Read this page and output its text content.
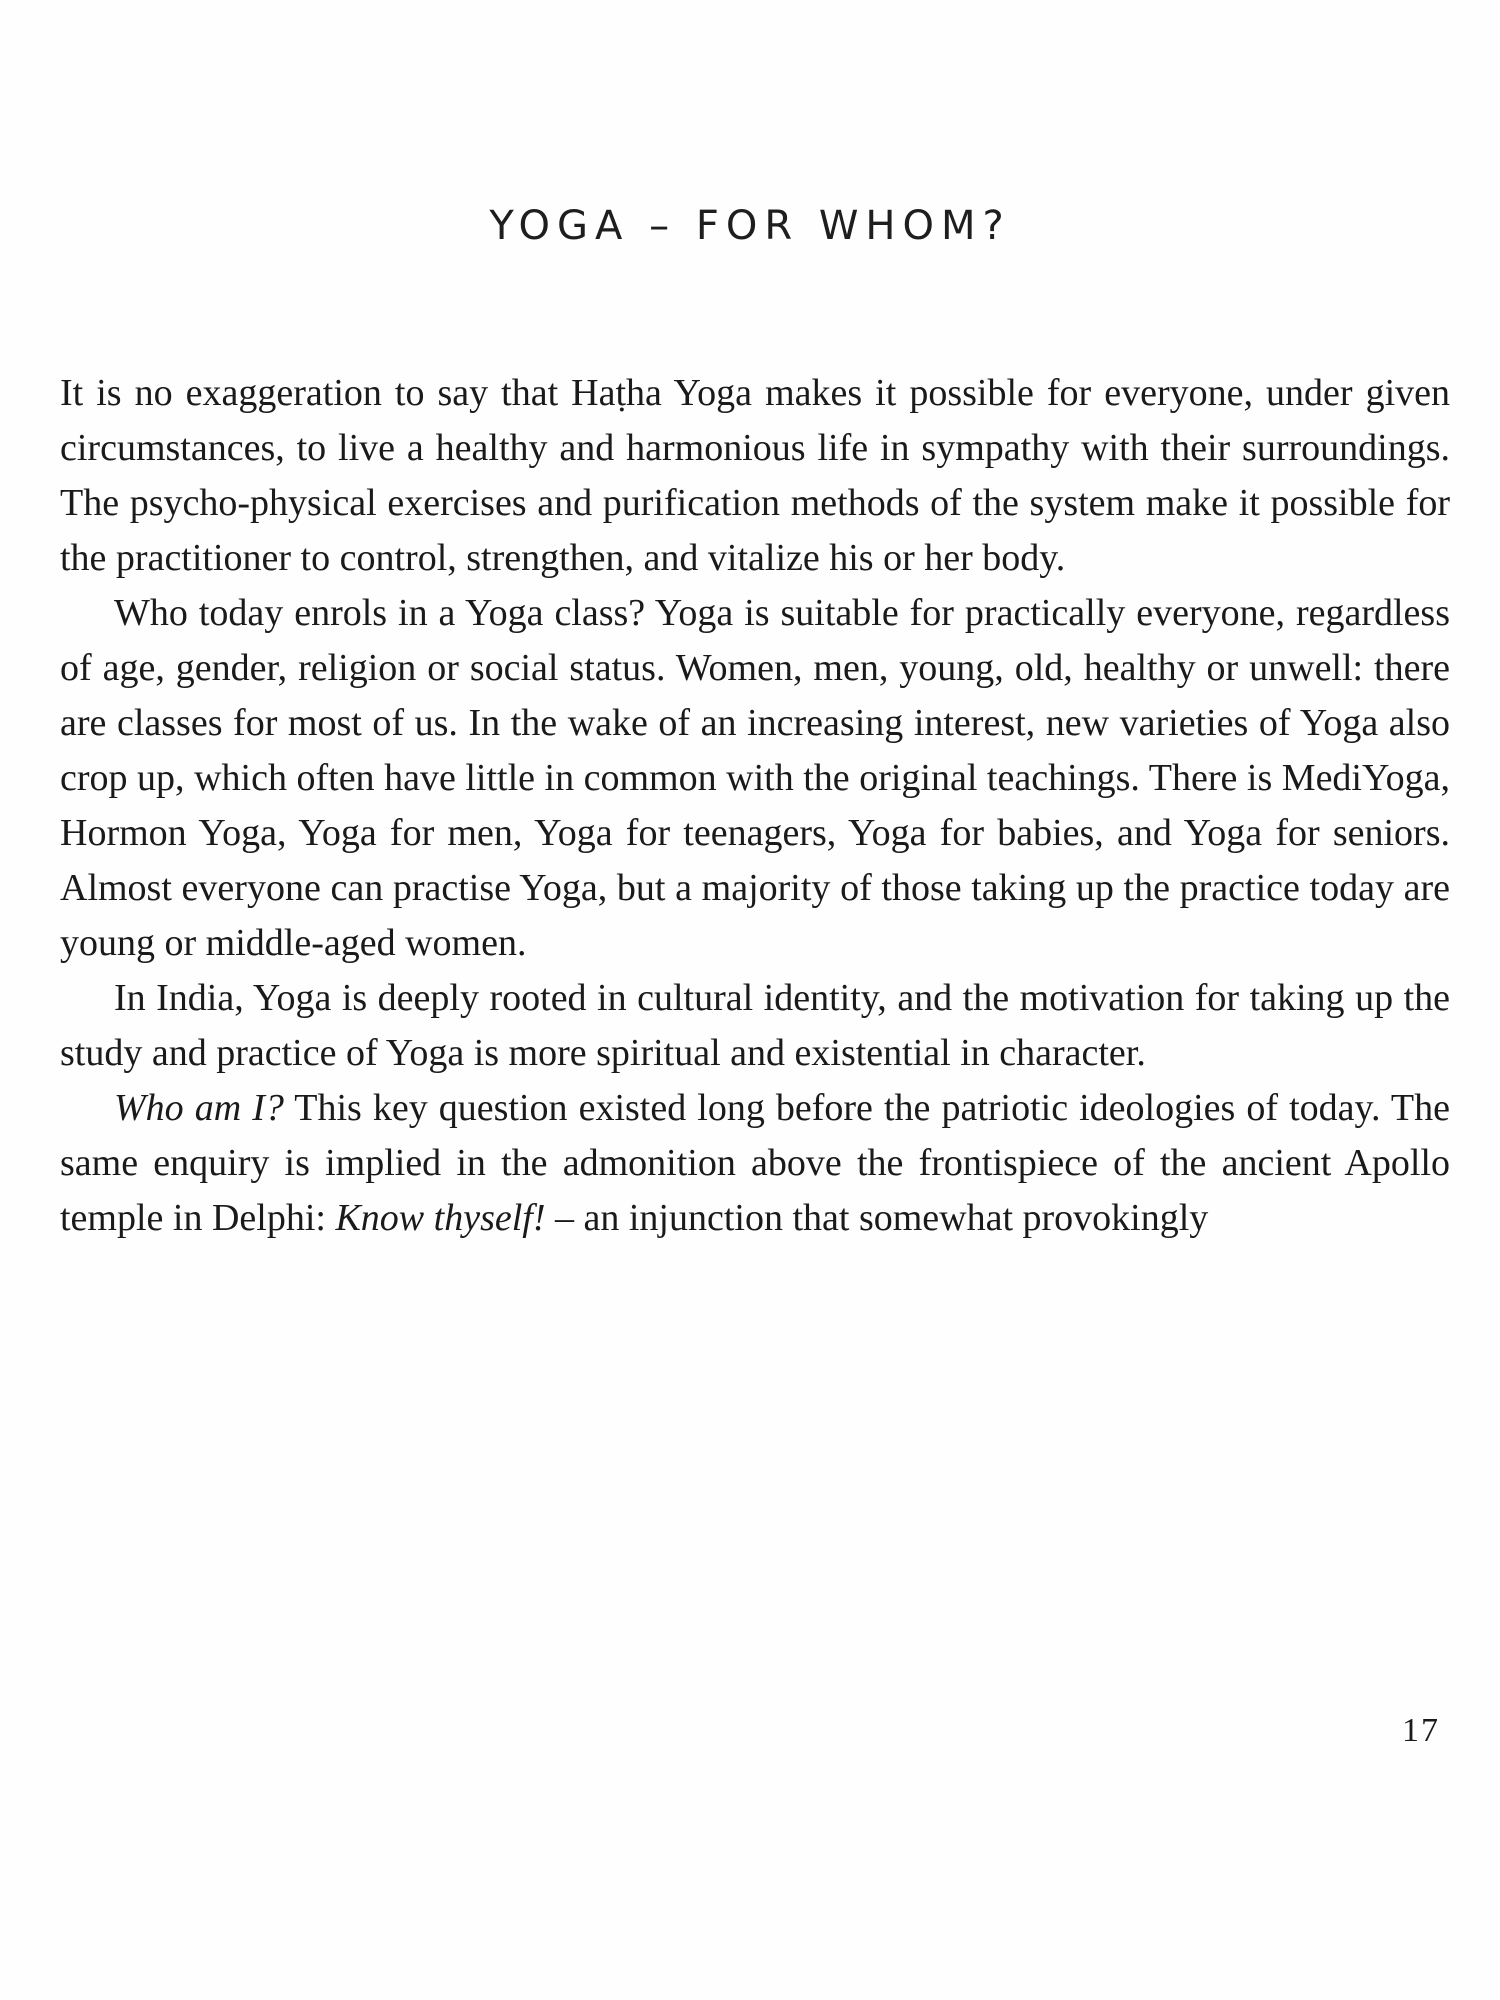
YOGA – FOR WHOM?

It is no exaggeration to say that Haṭha Yoga makes it possible for everyone, under given circumstances, to live a healthy and harmonious life in sympathy with their surroundings. The psycho-physical exercises and purification methods of the system make it possible for the practitioner to control, strengthen, and vitalize his or her body.

Who today enrols in a Yoga class? Yoga is suitable for practically everyone, regardless of age, gender, religion or social status. Women, men, young, old, healthy or unwell: there are classes for most of us. In the wake of an increasing interest, new varieties of Yoga also crop up, which often have little in common with the original teachings. There is MediYoga, Hormon Yoga, Yoga for men, Yoga for teenagers, Yoga for babies, and Yoga for seniors. Almost everyone can practise Yoga, but a majority of those taking up the practice today are young or middle-aged women.

In India, Yoga is deeply rooted in cultural identity, and the motivation for taking up the study and practice of Yoga is more spiritual and existential in character.

Who am I? This key question existed long before the patriotic ideologies of today. The same enquiry is implied in the admonition above the frontispiece of the ancient Apollo temple in Delphi: Know thyself! – an injunction that somewhat provokingly

17
